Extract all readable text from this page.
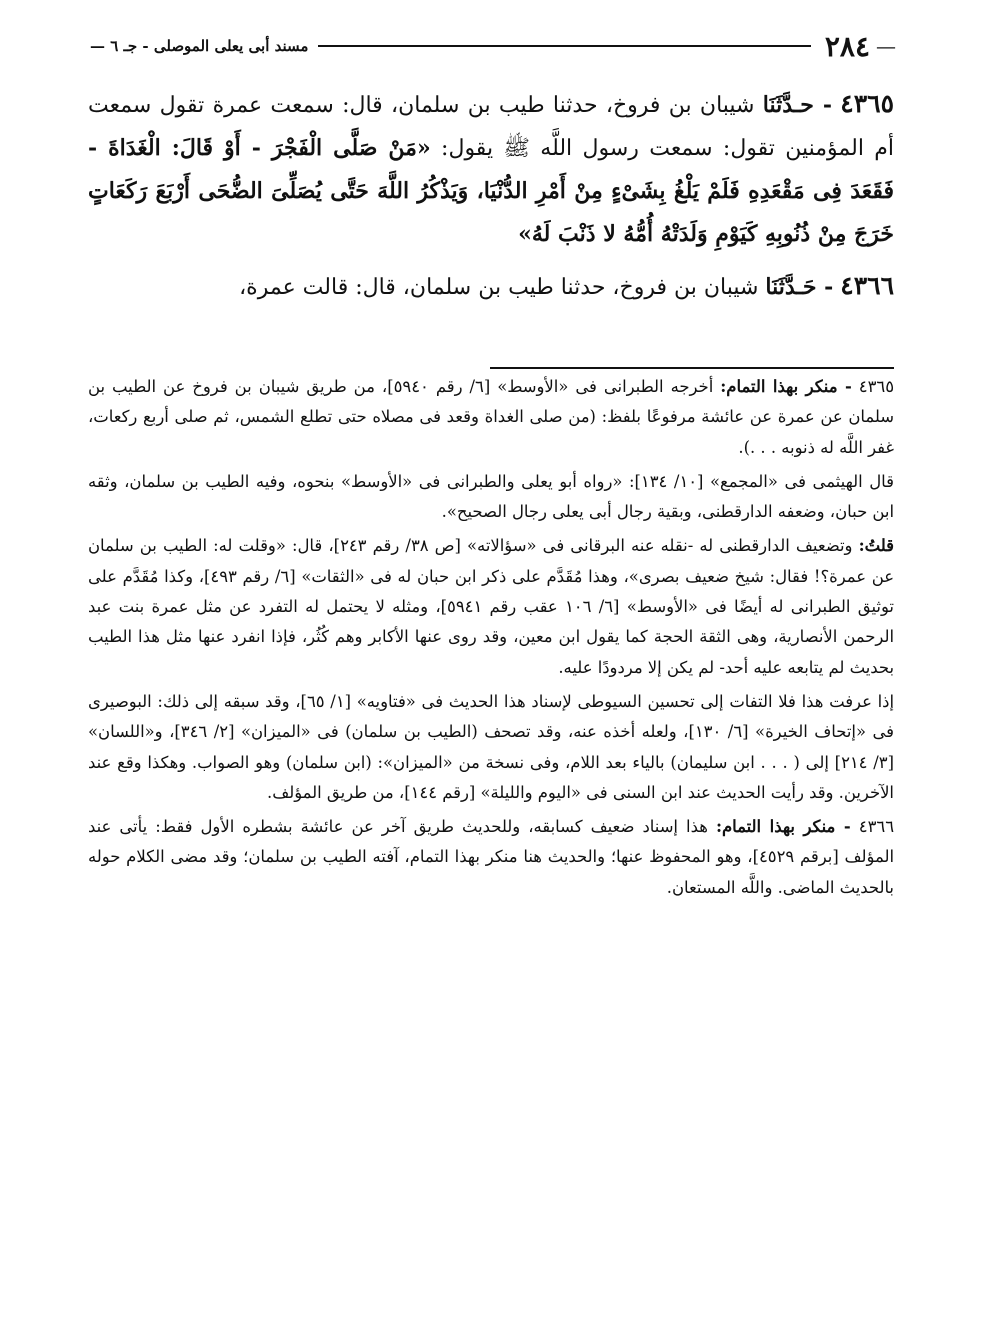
—
٢٨٤
مسند أبى يعلى الموصلى - جـ ٦ —

٤٣٦٥ - حـدَّثَنَا شيبان بن فروخ، حدثنا طيب بن سلمان، قال: سمعت عمرة تقول سمعت أم المؤمنين تقول: سمعت رسول اللَّه ﷺ يقول: «مَنْ صَلَّى الْفَجْرَ - أَوْ قَالَ: الْغَدَاةَ - فَقَعَدَ فِى مَقْعَدِهِ فَلَمْ يَلْغُ بِشَىْءٍ مِنْ أَمْرِ الدُّنْيَا، وَيَذْكُرُ اللَّهَ حَتَّى يُصَلِّىَ الضُّحَى أَرْبَعَ رَكَعَاتٍ خَرَجَ مِنْ ذُنُوبِهِ كَيَوْمِ وَلَدَتْهُ أُمُّهُ لا ذَنْبَ لَهُ»

٤٣٦٦ - حَـدَّثَنَا شيبان بن فروخ، حدثنا طيب بن سلمان، قال: قالت عمرة،

٤٣٦٥ - منكر بهذا التمام: أخرجه الطبرانى فى «الأوسط» [٦/ رقم ٥٩٤٠]، من طريق شيبان بن فروخ عن الطيب بن سلمان عن عمرة عن عائشة مرفوعًا بلفظ: (من صلى الغداة وقعد فى مصلاه حتى تطلع الشمس، ثم صلى أربع ركعات، غفر اللَّه له ذنوبه . . .).

قال الهيثمى فى «المجمع» [١٠/ ١٣٤]: «رواه أبو يعلى والطبرانى فى «الأوسط» بنحوه، وفيه الطيب بن سلمان، وثقه ابن حبان، وضعفه الدارقطنى، وبقية رجال أبى يعلى رجال الصحيح».

قلتُ: وتضعيف الدارقطنى له -نقله عنه البرقانى فى «سؤالاته» [ص ٣٨/ رقم ٢٤٣]، قال: «وقلت له: الطيب بن سلمان عن عمرة؟! فقال: شيخ ضعيف بصرى»، وهذا مُقَدَّم على ذكر ابن حبان له فى «الثقات» [٦/ رقم ٤٩٣]، وكذا مُقَدَّم على توثيق الطبرانى له أيضًا فى «الأوسط» [٦/ ١٠٦ عقب رقم ٥٩٤١]، ومثله لا يحتمل له التفرد عن مثل عمرة بنت عبد الرحمن الأنصارية، وهى الثقة الحجة كما يقول ابن معين، وقد روى عنها الأكابر وهم كُثُر، فإذا انفرد عنها مثل هذا الطيب بحديث لم يتابعه عليه أحد- لم يكن إلا مردودًا عليه.

إذا عرفت هذا فلا التفات إلى تحسين السيوطى لإسناد هذا الحديث فى «فتاويه» [١/ ٦٥]، وقد سبقه إلى ذلك: البوصيرى فى «إتحاف الخيرة» [٦/ ١٣٠]، ولعله أخذه عنه، وقد تصحف (الطيب بن سلمان) فى «الميزان» [٢/ ٣٤٦]، و«اللسان» [٣/ ٢١٤] إلى ( . . . ابن سليمان) بالياء بعد اللام، وفى نسخة من «الميزان»: (ابن سلمان) وهو الصواب. وهكذا وقع عند الآخرين. وقد رأيت الحديث عند ابن السنى فى «اليوم والليلة» [رقم ١٤٤]، من طريق المؤلف.

٤٣٦٦ - منكر بهذا التمام: هذا إسناد ضعيف كسابقه، وللحديث طريق آخر عن عائشة بشطره الأول فقط: يأتى عند المؤلف [برقم ٤٥٢٩]، وهو المحفوظ عنها؛ والحديث هنا منكر بهذا التمام، آفته الطيب بن سلمان؛ وقد مضى الكلام حوله بالحديث الماضى. واللَّه المستعان.
